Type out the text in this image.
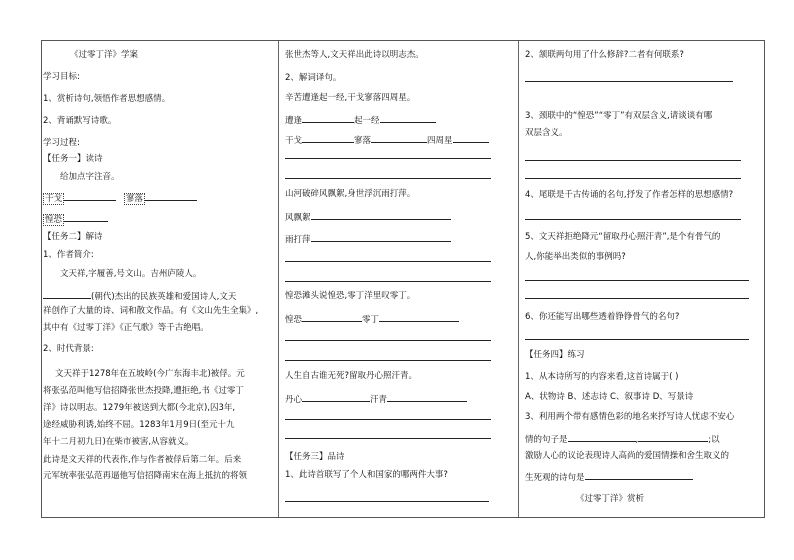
《过零丁洋》学案
学习目标:
1、赏析诗句,领悟作者思想感情。
2、背诵默写诗歌。
学习过程:
【任务一】读诗
给加点字注音。
干戈	寥落
惶恐
【任务二】解诗
1、作者简介:
文天祥,字履善,号文山。吉州庐陵人。
(朝代)杰出的民族英雄和爱国诗人,文天
祥创作了大量的诗、词和散文作品。有《文山先生全集》,
其中有《过零丁洋》《正气歌》等千古绝唱。
2、时代背景:
文天祥于1278年在五坡岭(今广东海丰北)被俘。元
将张弘范叫他写信招降张世杰投降,遭拒绝,书《过零丁
洋》诗以明志。1279年被送到大都(今北京),囚3年,
途经威胁利诱,始终不屈。1283年1月9日(至元十九
年十二月初九日)在柴市被害,从容就义。
此诗是文天祥的代表作,作与作者被俘后第二年。后来
元军统率张弘范再逼他写信招降南宋在海上抵抗的将领
张世杰等人,文天祥出此诗以明志杰。
2、解词译句。
辛苦遭逢起一经,干戈寥落四周星。
遭逢	起一经
干戈	寥落	四周星
山河破碎风飘絮,身世浮沉雨打萍。
风飘絮
雨打萍
惶恐滩头说惶恐,零丁洋里叹零丁。
惶恐	零丁
人生自古谁无死?留取丹心照汗青。
丹心	汗青
【任务三】品诗
1、此诗首联写了个人和国家的哪两件大事?
2、颔联两句用了什么修辞?二者有何联系?
3、颈联中的“惶恐”“零丁”有双层含义,请谈谈有哪
双层含义。
4、尾联是千古传诵的名句,抒发了作者怎样的思想感情?
5、文天祥拒绝降元“留取丹心照汗青”,是个有骨气的
人,你能举出类似的事例吗?
6、你还能写出哪些透着铮铮骨气的名句?
【任务四】练习
1、从本诗所写的内容来看,这首诗属于( )
A、状物诗 B、述志诗 C、叙事诗 D、写景诗
3、利用两个带有感情色彩的地名来抒写诗人忧虑不安心
情的句子是	,	;以
激励人心的议论表现诗人高尚的爱国情操和舍生取义的
生死观的诗句是
《过零丁洋》赏析
